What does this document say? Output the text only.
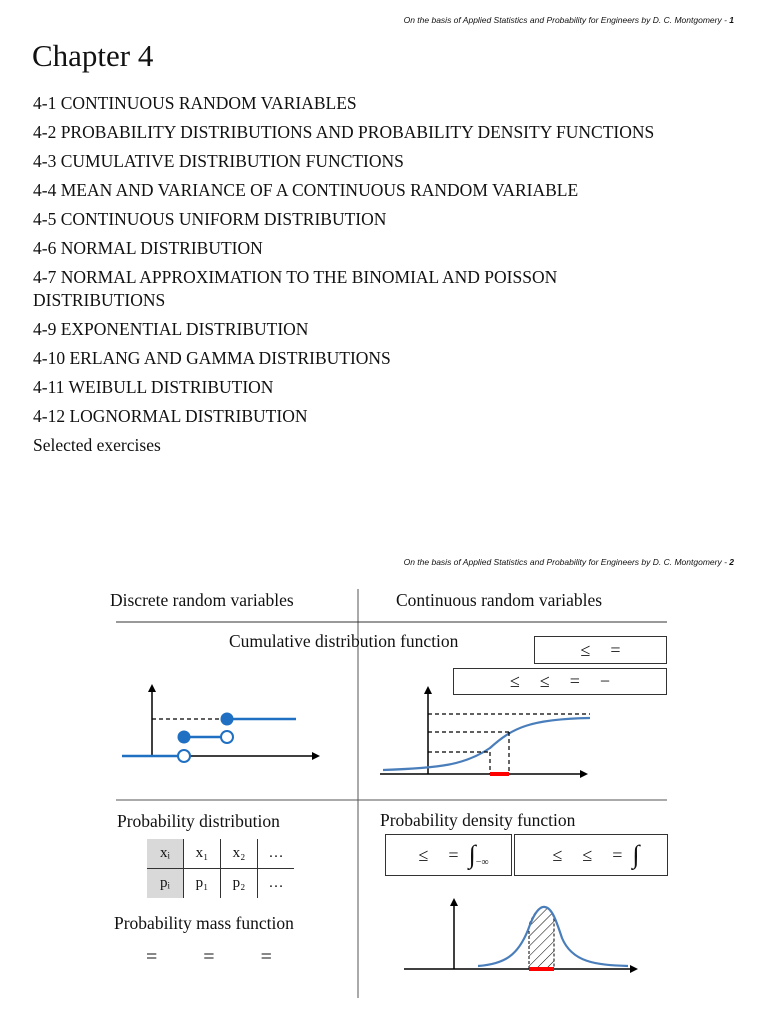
On the basis of Applied Statistics and Probability for Engineers by D. C. Montgomery - 1
Chapter 4
4-1 CONTINUOUS RANDOM VARIABLES
4-2 PROBABILITY DISTRIBUTIONS AND PROBABILITY DENSITY FUNCTIONS
4-3 CUMULATIVE DISTRIBUTION FUNCTIONS
4-4 MEAN AND VARIANCE OF A CONTINUOUS RANDOM VARIABLE
4-5 CONTINUOUS UNIFORM DISTRIBUTION
4-6 NORMAL DISTRIBUTION
4-7 NORMAL APPROXIMATION TO THE BINOMIAL AND POISSON DISTRIBUTIONS
4-9 EXPONENTIAL DISTRIBUTION
4-10 ERLANG AND GAMMA DISTRIBUTIONS
4-11 WEIBULL DISTRIBUTION
4-12 LOGNORMAL DISTRIBUTION
Selected exercises
On the basis of Applied Statistics and Probability for Engineers by D. C. Montgomery - 2
Discrete random variables	Continuous random variables
Cumulative distribution function	≤ =
≤ ≤ = −
Probability distribution	Probability density function
≤ = ∫ −∞	≤ ≤ = ∫
xᵢ	x₁	x₂	…
pᵢ	p₁	p₂	…
Probability mass function
= = =
